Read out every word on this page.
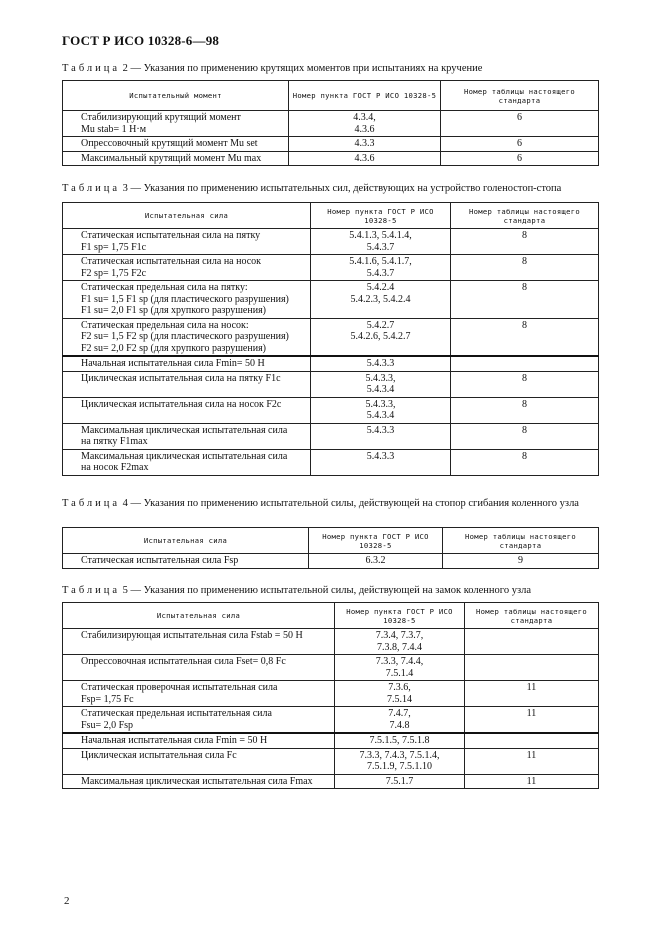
ГОСТ Р ИСО 10328-6—98
Таблица 2 — Указания по применению крутящих моментов при испытаниях на кручение
Испытательный момент	Номер пункта ГОСТ Р ИСО 10328-5	Номер таблицы настоящего стандарта

Стабилизирующий крутящий момент
Mu stab= 1 Н·м	4.3.4,
4.3.6	6

Опрессовочный крутящий момент Mu set	4.3.3	6

Максимальный крутящий момент Mu max	4.3.6	6
Таблица 3 — Указания по применению испытательных сил, действующих на устройство голеностоп-стопа
Испытательная сила	Номер пункта ГОСТ Р ИСО 10328-5	Номер таблицы настоящего стандарта

Статическая испытательная сила на пятку
F1 sp= 1,75 F1c	5.4.1.3, 5.4.1.4,
5.4.3.7	8

Статическая испытательная сила на носок
F2 sp= 1,75 F2c	5.4.1.6, 5.4.1.7,
5.4.3.7	8

Статическая предельная сила на пятку:
F1 su= 1,5 F1 sp (для пластического разрушения)
F1 su= 2,0 F1 sp (для хрупкого разрушения)	5.4.2.4
5.4.2.3, 5.4.2.4	8

Статическая предельная сила на носок:
F2 su= 1,5 F2 sp (для пластического разрушения)
F2 su= 2,0 F2 sp (для хрупкого разрушения)	5.4.2.7
5.4.2.6, 5.4.2.7	8

Начальная испытательная сила Fmin= 50 Н	5.4.3.3	

Циклическая испытательная сила на пятку F1c	5.4.3.3,
5.4.3.4	8

Циклическая испытательная сила на носок F2c	5.4.3.3,
5.4.3.4	8

Максимальная циклическая испытательная сила
на пятку F1max	5.4.3.3	8

Максимальная циклическая испытательная сила
на носок F2max	5.4.3.3	8
Таблица 4 — Указания по применению испытательной силы, действующей на стопор сгибания коленного узла
Испытательная сила	Номер пункта ГОСТ Р ИСО 10328-5	Номер таблицы настоящего стандарта

Статическая испытательная сила Fsp	6.3.2	9
Таблица 5 — Указания по применению испытательной силы, действующей на замок коленного узла
Испытательная сила	Номер пункта ГОСТ Р ИСО 10328-5	Номер таблицы настоящего стандарта

Стабилизирующая испытательная сила Fstab = 50 Н	7.3.4, 7.3.7,
7.3.8, 7.4.4	

Опрессовочная испытательная сила Fset= 0,8 Fc	7.3.3, 7.4.4,
7.5.1.4	

Статическая проверочная испытательная сила
Fsp= 1,75 Fc	7.3.6,
7.5.14	11

Статическая предельная испытательная сила
Fsu= 2,0 Fsp	7.4.7,
7.4.8	11

Начальная испытательная сила Fmin = 50 Н	7.5.1.5, 7.5.1.8	

Циклическая испытательная сила Fc	7.3.3, 7.4.3, 7.5.1.4,
7.5.1.9, 7.5.1.10	11

Максимальная циклическая испытательная сила Fmax	7.5.1.7	11
2
